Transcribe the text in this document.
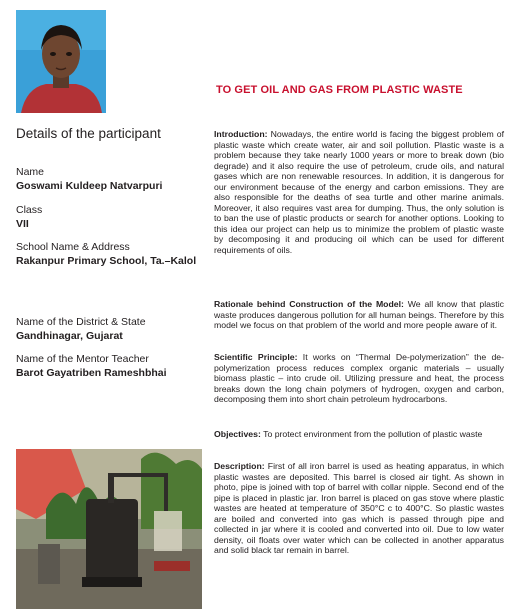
Details of the participant
Name
Goswami Kuldeep Natvarpuri
Class
VII
School Name & Address
Rakanpur Primary School, Ta.–Kalol
Name of the District & State
Gandhinagar, Gujarat
Name of the Mentor Teacher
Barot Gayatriben Rameshbhai
TO GET OIL AND GAS FROM PLASTIC WASTE
Introduction: Nowadays, the entire world is facing the biggest problem of plastic waste which create water, air and soil pollution. Plastic waste is a problem because they take nearly 1000 years or more to break down (bio degrade) and it also require the use of petroleum, crude oils, and natural gases which are non renewable resources. In addition, it is dangerous for our environment because of the energy and carbon emissions. They are also responsible for the deaths of sea turtle and other marine animals. Moreover, it also requires vast area for dumping. Thus, the only solution is to ban the use of plastic products or search for another options. Looking to this idea our project can help us to minimize the problem of plastic waste by decomposing it and producing oil which can be used for different requirements of oils.
Rationale behind Construction of the Model: We all know that plastic waste produces dangerous pollution for all human beings. Therefore by this model we focus on that problem of the world and more people aware of it.
Scientific Principle: It works on “Thermal De-polymerization” the de-polymerization process reduces complex organic materials – usually biomass plastic – into crude oil. Utilizing pressure and heat, the process breaks down the long chain polymers of hydrogen, oxygen and carbon, decomposing them into short chain petroleum hydrocarbons.
Objectives: To protect environment from the pollution of plastic waste
Description: First of all iron barrel is used as heating apparatus, in which plastic wastes are deposited. This barrel is closed air tight. As shown in photo, pipe is joined with top of barrel with collar nipple. Second end of the pipe is placed in plastic jar. Iron barrel is placed on gas stove where plastic wastes are heated at temperature of 350°C c to 400°C. So plastic wastes are boiled and converted into gas which is passed through pipe and collected in jar where it is cooled and converted into oil. Due to low water density, oil floats over water which can be collected in another apparatus and solid black tar remain in barrel.
